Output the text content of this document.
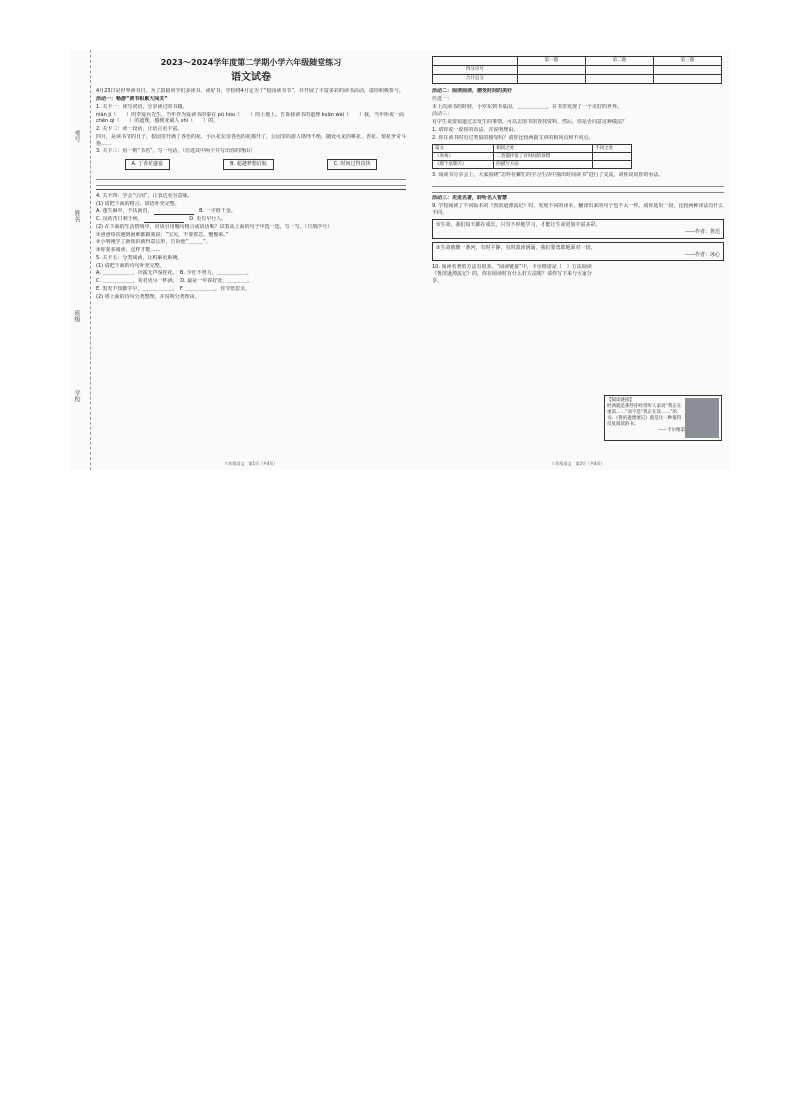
考号
姓名
班级
学校
2023～2024学年度第二学期小学六年级随堂练习
语文试卷
4月23日是世界读书日，为了鼓励同学们多读书、读好书，学校将4月定为了“校园读书节”，并开展了丰富多彩的读书活动，请你积极参与。
活动一：畅游“读书积累大闯关”
1. 关卡一：读写词语，分享读过的书籍。
nián jì（　　）的李爱兵先生，当年作为爱读书的秦在 pū hòu（　　）的土地上。告诉我读书的道理 kuān wèi（　　）我，当年所说一面 chēn qì（　　）的道理，感到亚威人 shì（　　）的。
2. 关卡二：读一段话，让语言更丰富。
四月，是读书节的日子，校园里开满了各色的花。小区花坛里各色的花都开了，公园里的游人络绎不绝，随处可见的桃花、杏花、梨花争奇斗艳……
3. 关卡三：用一则“书名”，写一句话。（任选其中两个并写出你的理由）
A. 丁香花盛宴	B. 超越梦想启航	C. 时间过得真快
4. 关卡四：学会“引用”，让表达更有意味。
(1) 请把下面的格言、谚语补充完整。
A. 蓬生麻中，不扶而直， 　	B. 一字值千金。
C. 良药苦口利于病， 　	D. 更有早行人。
(2) 在下面的生活情境中，应该引用哪句格言或谚语呢？试着从上面的句子中选一选，写一写。（只填序号）
①爸爸每次遇到困难都跟我说：“宝贝，不要着急，慢慢来。”
②小明刚学了新知识就得意忘形，告诉他“＿＿＿”。
③你要多阅读，这样才能……
5. 关卡五：分类阅读，让积累更系统。
(1) 请把下面的诗句补充完整。
A. ＿＿＿＿＿＿，冷露无声湿桂花。　 B. 少壮不努力，＿＿＿＿＿＿。
C. ＿＿＿＿＿＿，劝君更尽一杯酒。　 D. 最是一年春好处，＿＿＿＿。
E. 黑发不知勤学早，＿＿＿＿＿＿。　 F. ＿＿＿＿＿＿，佳节倍思亲。
(2) 将上面的诗句分类整理，并说明分类理由。
六年级语文　第1页（共4页）
	第一题	第二题	第三题
得分序号			
合计总分			
活动二：阅读阅读，感受时间的美好
任选一：
本上次读书的时候，小罗东到书桌前，＿＿＿＿＿＿，在书里发现了一个美好的世界。
活动三：
有学生说要知道过去发生的事情，可以去图书馆查找资料。然后，你是否同意这种做法？
1. 请你说一说你的看法，并说明理由。
2. 你在读书时有过类似的感受吗？请你比较两篇文章的相同点和不同点。
篇文	相同之处	不同之处
《匆匆》	二者都抒发了对时间的珍惜	
《那个星期天》	的描写方法	
3. 阅读书分享会上，大家围绕“怎样在繁忙的学习生活中抽出时间读书”进行了交流，请你说说你的看法。
活动三：走进名著，聆听名人智慧
9. 学校阅读了不同版本的《鲁滨逊漂流记》时，发现不同的译本，翻译出来的句子也不太一样。请你选出一段，比较两种译法有什么不同。
①生命，我们每天都在成长，只有不停地学习，才能让生命更加丰富多彩。
——作者：鲁迅
②生命就像一条河，有时平静，有时波涛汹涌，我们要勇敢地面对一切。
——作者：冰心
10. 阅读名著的方法有很多。“阅读链接”中，卡尔维诺是（　）方法阅读《鲁滨逊漂流记》的，你在阅读时有什么好方法呢？请你写下来与大家分享。
【阅读链接】
经典就是那些你经常听人家说“我正在重读……”而不是“我正在读……”的书。《鲁滨逊漂流记》就是这一种值得反复阅读的书。
——卡尔维诺
六年级语文　第2页（共4页）
